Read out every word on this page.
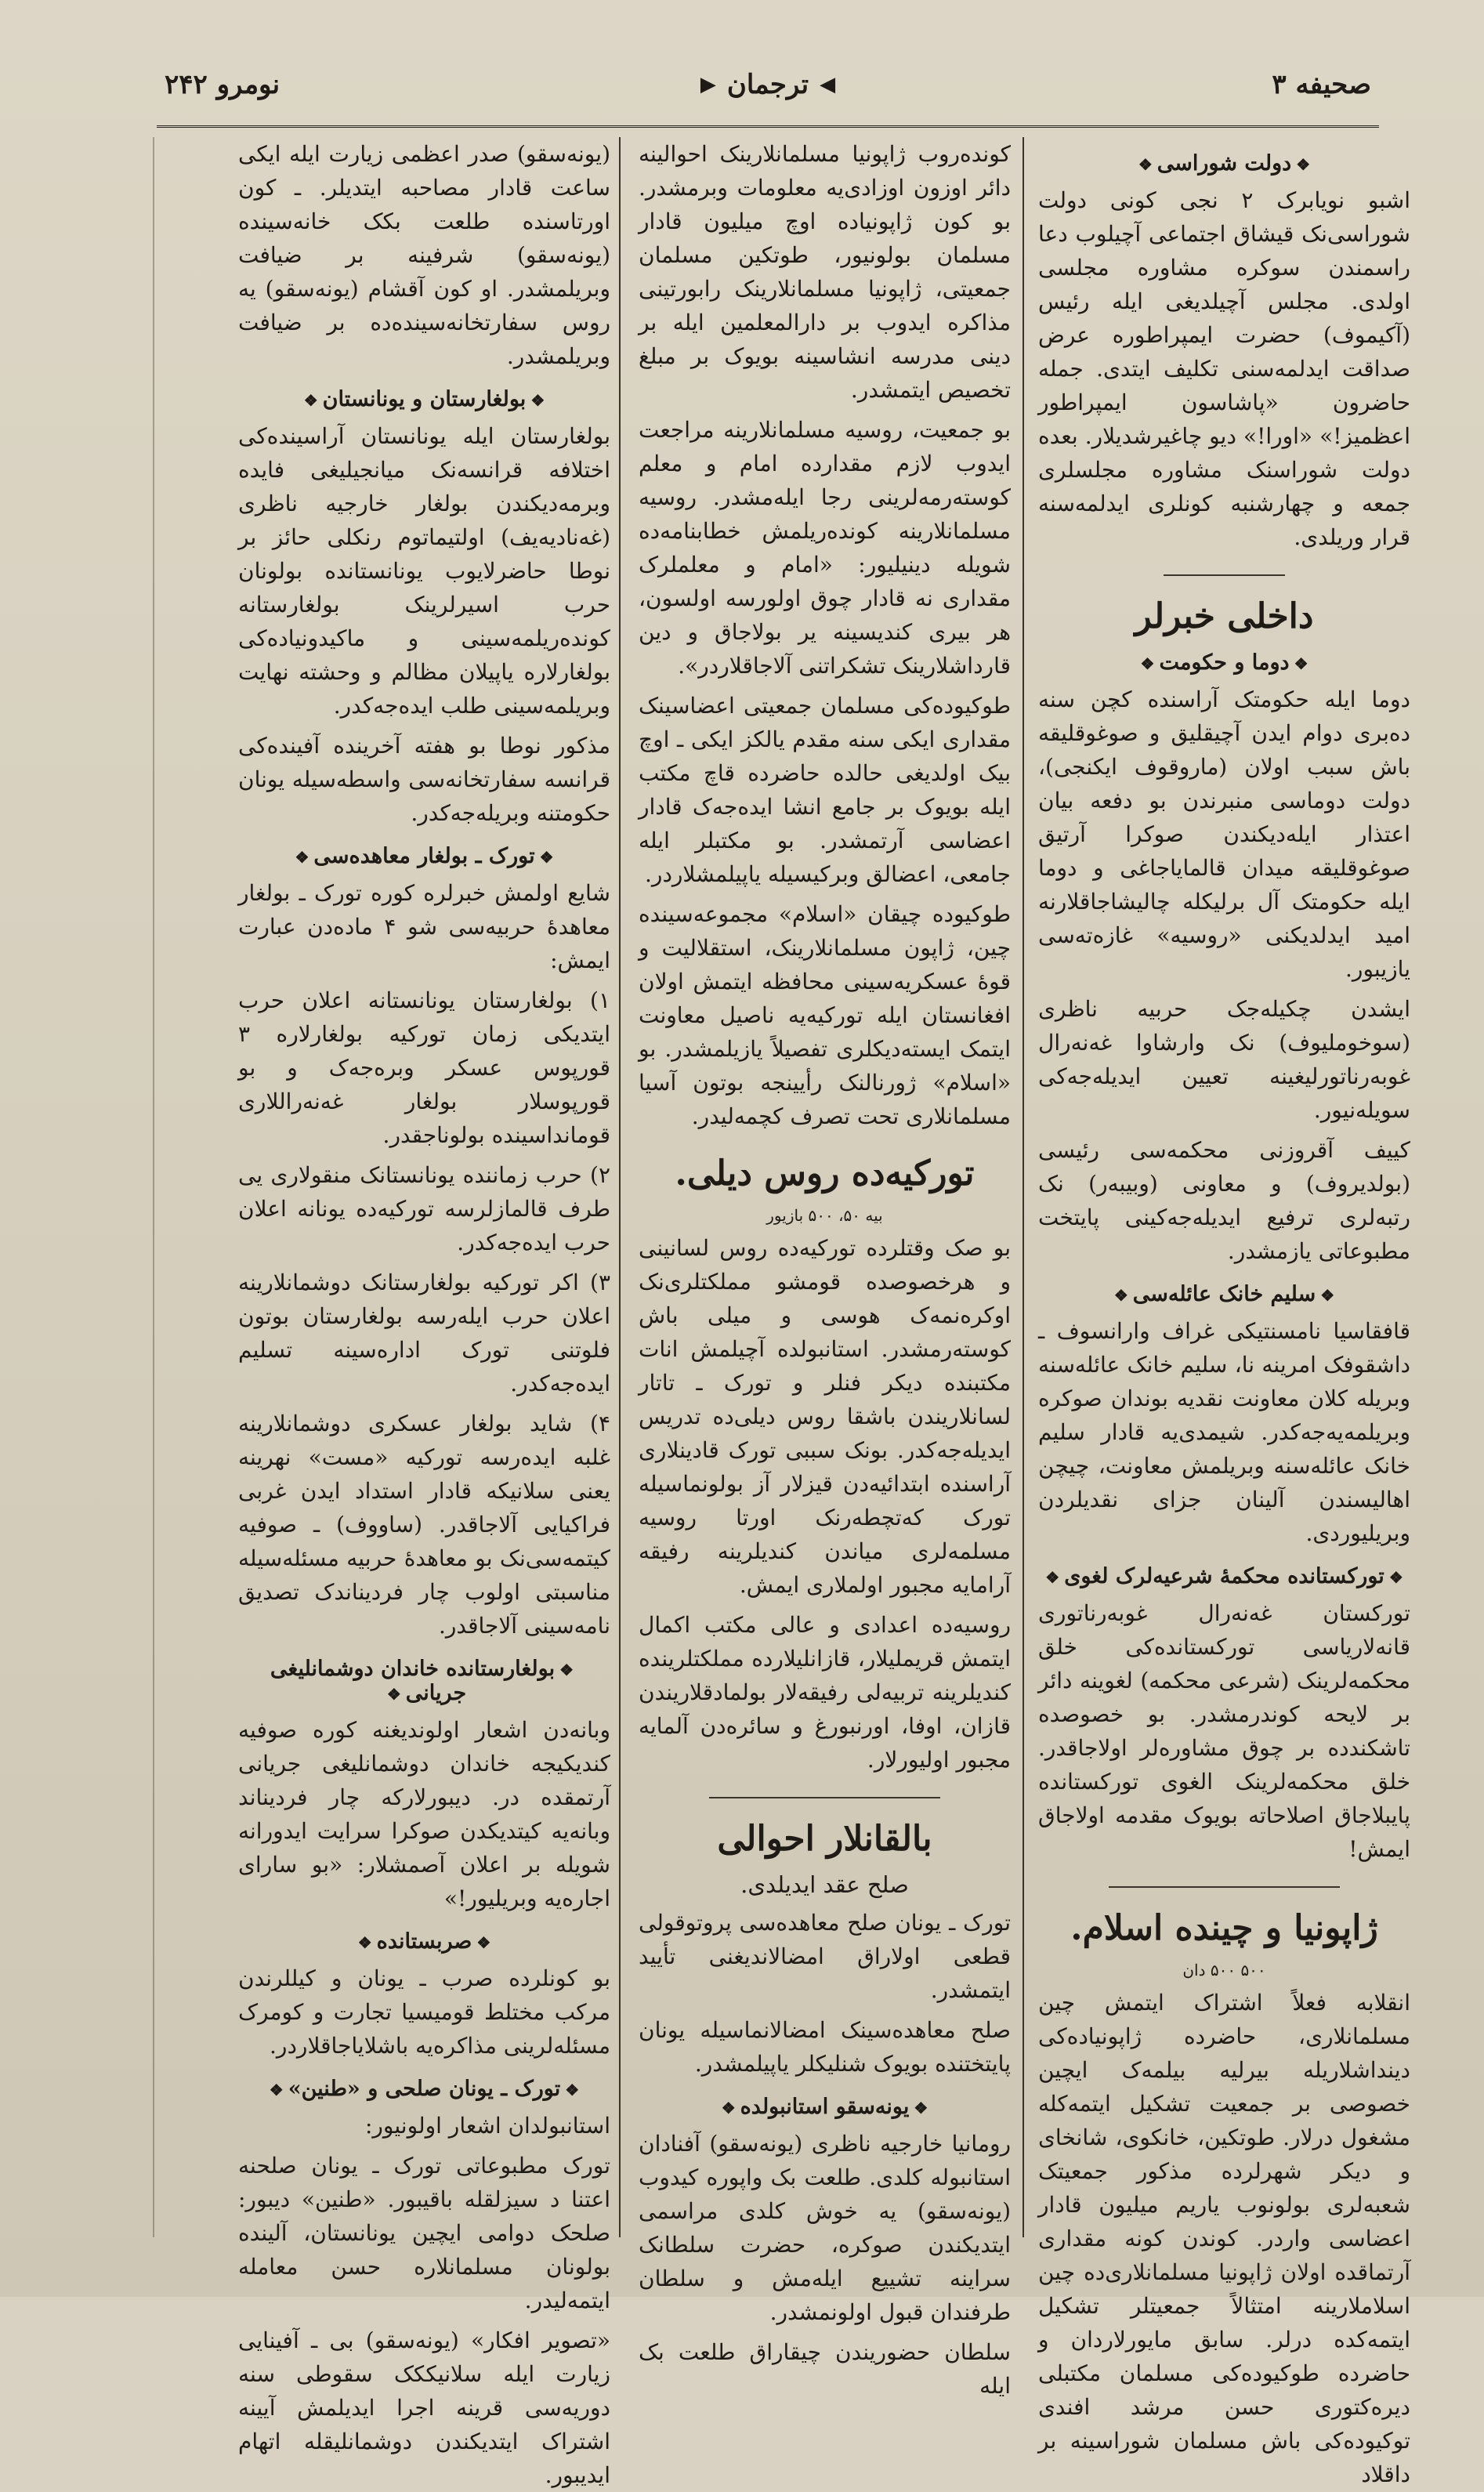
صحیفه ۳
◀
ترجمان
▶
نومرو ۲۴۲
❖دولت شوراسی❖

اشبو نویابرک ۲ نجی کونی دولت شوراسی‌نک قیشاق اجتماعی آچیلوب دعا راسمندن سوکره مشاوره مجلسی اولدی. مجلس آچیلدیغی ایله رئیس (آکیموف) حضرت ایمپراطوره عرض صداقت ایدلمه‌سنی تکلیف ایتدی. جمله حاضرون «پاشاسون ایمپراطور اعظمیز!» «اورا!» دیو چاغیرشدیلار. بعده دولت شوراسنک مشاوره مجلسلری جمعه و چهارشنبه کونلری ایدلمه‌سنه قرار وریلدی.

داخلی خبرلر
❖دوما و حکومت❖

دوما ایله حکومتک آراسنده کچن سنه دەبری دوام ایدن آچیقلیق و صوغوقلیقه باش سبب اولان (ماروقوف ایکنجی)، دولت دوماسی منبرندن بو دفعه بیان اعتذار ایله‌دیکندن صوکرا آرتیق صوغوقلیقه میدان قالمایاجاغی و دوما ایله حکومتک آل برلیکله چالیشاجاقلارنه امید ایدلدیکنی «روسیه» غازه‌تەسی یازیبور.

ایشدن چکیله‌جک حربیه ناظری (سوخوملیوف) نک وارشاوا غه‌نەرال غوبه‌رناتورلیغینه تعیین ایدیله‌جه‌کی سویله‌نیور.

کییف آقروزنی محکمه‌سی رئیسی (بولدیروف) و معاونی (وبیبه‌ر) نک رتبه‌لری ترفیع ایدیله‌جه‌کینی پایتخت مطبوعاتی یازمشدر.

❖سلیم خانک عائله‌سی❖

قافقاسیا نامسنتیکی غراف وارانسوف ـ داشقوفک امرینه نا، سلیم خانک عائله‌سنه وبریله کلان معاونت نقدیه بوندان صوکره وبریلمه‌یه‌جه‌کدر. شیمدی‌یه قادار سلیم خانک عائله‌سنه وبریلمش معاونت، چیچن اهالیسندن آلینان جزای نقدیلردن وبریلیوردی.

❖تورکستانده محکمهٔ شرعیه‌لرک لغوی❖

تورکستان غه‌نەرال غوبه‌رناتوری قانه‌لاریاسی تورکستانده‌کی خلق محکمه‌لرینک (شرعی محکمه) لغوینه دائر بر لایحه کوندرمشدر. بو خصوصده تاشکندده بر چوق مشاوره‌لر اولاجاقدر. خلق محکمه‌لرینک الغوی تورکستانده پایبلاجاق اصلاحاته بویوک مقدمه اولاجاق ایمش!

ژاپونیا و چینده اسلام.
۵۰۰ ۵۰۰ دان

انقلابه فعلاً اشتراک ایتمش چین مسلمانلاری، حاضرده ژاپونیاده‌کی دینداشلاریله بیرلیه بیلمه‌ک ایچین خصوصی بر جمعیت تشکیل ایتمه‌کله مشغول درلار. طوتکین، خانکوی، شانخای و دیکر شهرلرده مذکور جمعیتک شعبه‌لری بولونوب یاریم میلیون قادار اعضاسی واردر. کوندن کونه مقداری آرتماقده اولان ژاپونیا مسلمانلاری‌ده چین اسلاملارینه امتثالاً جمعیتلر تشکیل ایتمه‌کده درلر. سابق مایورلاردان و حاضرده طوکیوده‌کی مسلمان مکتبلی دیره‌کتوری حسن مرشد افندی توکیوده‌کی باش مسلمان شوراسینه بر داقلاد

کوندەروب ژاپونیا مسلمانلارینک احوالینه دائر اوزون اوزادی‌یه معلومات وبرمشدر. بو کون ژاپونیاده اوچ میلیون قادار مسلمان بولونیور، طوتکین مسلمان جمعیتی، ژاپونیا مسلمانلارینک رابورتینی مذاکره ایدوب بر دارالمعلمین ایله بر دینی مدرسه انشاسینه بویوک بر مبلغ تخصیص ایتمشدر.

بو جمعیت، روسیه مسلمانلارینه مراجعت ایدوب لازم مقدارده امام و معلم کوسته‌رمه‌لرینی رجا ایله‌مشدر. روسیه مسلمانلارینه کوندەریلمش خطابنامه‌ده شویله دینیلیور: «امام و معلملرک مقداری نه قادار چوق اولورسه اولسون، هر بیری کندیسینه یر بولاجاق و دین قارداشلارینک تشکراتنی آلاجاقلاردر».

طوکیوده‌کی مسلمان جمعیتی اعضاسینک مقداری ایکی سنه مقدم یالکز ایکی ـ اوچ بیک اولدیغی حالده حاضرده قاچ مکتب ایله بویوک بر جامع انشا ایده‌جه‌ک قادار اعضاسی آرتمشدر. بو مکتبلر ایله جامعی، اعضالق وبرکیسیله یاپیلمشلاردر.

طوکیوده چیقان «اسلام» مجموعه‌سینده چین، ژاپون مسلمانلارینک، استقلالیت و قوهٔ عسکریه‌سینی محافظه ایتمش اولان افغانستان ایله تورکیه‌یه ناصیل معاونت ایتمک ایسته‌دیکلری تفصیلاً یازیلمشدر. بو «اسلام» ژورنالنک رأیینجه بوتون آسیا مسلمانلاری تحت تصرف کچمه‌لیدر.

تورکیه‌ده روس دیلی.
بیه ۵۰، ۵۰۰ بازیور

بو صک وقتلرده تورکیه‌ده روس لسانینی و هرخصوصده قومشو مملکتلری‌نک اوکرەنمه‌ک هوسی و میلی باش کوسته‌رمشدر. استانبولده آچیلمش انات مکتبنده دیکر فنلر و تورک ـ تاتار لسانلاریندن باشقا روس دیلی‌ده تدریس ایدیله‌جه‌کدر. بونک سببی تورک قادینلاری آراسنده ابتدائیه‌دن قیزلار آز بولونماسیله تورک کەتچطەرنک اورتا روسیه مسلمه‌لری میاندن کندیلرینه رفیقه آرامایه مجبور اولملاری ایمش.

روسیه‌ده اعدادی و عالی مکتب اکمال ایتمش قریملیلار، قازانلیلارده مملکتلرینده کندیلرینه تربیه‌لی رفیقه‌لار بولمادقلاریندن قازان، اوفا، اورنبورغ و سائره‌دن آلمایه مجبور اولیورلار.

بالقانلار احوالی
صلح عقد ایدیلدی.

تورک ـ یونان صلح معاهده‌سی پروتوقولی قطعی اولاراق امضالاندیغنی تأیید ایتمشدر.

صلح معاهده‌سینک امضالانماسیله یونان پایتختنده بویوک شنلیکلر یاپیلمشدر.

❖یونه‌سقو استانبولده❖

رومانیا خارجیه ناظری (یونه‌سقو) آفنادان استانبوله کلدی. طلعت بک واپوره کیدوب (یونه‌سقو) یه خوش کلدی مراسمی ایتدیکندن صوکره، حضرت سلطانک سراینه تشییع ایله‌مش و سلطان طرفندان قبول اولونمشدر.

سلطان حضوریندن چیقاراق طلعت بک ایله

(یونه‌سقو) صدر اعظمی زیارت ایله ایکی ساعت قادار مصاحبه ایتدیلر. ـ کون اورتاسنده طلعت بکک خانه‌سینده (یونه‌سقو) شرفینه بر ضیافت وبریلمشدر. او کون آقشام (یونه‌سقو) یه روس سفارتخانه‌سینده‌ده بر ضیافت وبریلمشدر.

❖بولغارستان و یونانستان❖

بولغارستان ایله یونانستان آراسینده‌کی اختلافه قرانسه‌نک میانجیلیغی فایده وبرمه‌دیکندن بولغار خارجیه ناظری (غه‌نادیه‌یف) اولتیماتوم رنکلی حائز بر نوطا حاضرلایوب یونانستانده بولونان حرب اسیرلرینک بولغارستانه کوندەریلمه‌سینی و ماکیدونیاده‌کی بولغارلاره یاپیلان مظالم و وحشته نهایت وبریلمه‌سینی طلب ایده‌جه‌کدر.

مذکور نوطا بو هفته آخرینده آفینده‌کی قرانسه سفارتخانه‌سی واسطه‌سیله یونان حکومتنه وبریله‌جه‌کدر.

❖تورک ـ بولغار معاهده‌سی❖

شایع اولمش خبرلره کوره تورک ـ بولغار معاهدهٔ حربیه‌سی شو ۴ ماده‌دن عبارت ایمش:

۱) بولغارستان یونانستانه اعلان حرب ایتدیکی زمان تورکیه بولغارلاره ۳ قورپوس عسکر وبره‌جه‌ک و بو قورپوسلار بولغار غه‌نەراللاری قوماندا‌سینده بولوناجقدر.

۲) حرب زماننده یونانستانک منقولاری یی طرف قالمازلرسه تورکیه‌ده یونانه اعلان حرب ایده‌جه‌کدر.

۳) اکر تورکیه بولغارستانک دوشمانلارینه اعلان حرب ایله‌رسه بولغارستان بوتون فلوتنی تورک ادارەسینه تسلیم ایده‌جه‌کدر.

۴) شاید بولغار عسکری دوشمانلارینه غلبه ایده‌رسه تورکیه «مست» نهرینه یعنی سلانیکه قادار استداد ایدن غربی فراکیایی آلاجاقدر. (ساووف) ـ صوفیه کیتمه‌سی‌نک بو معاهدهٔ حربیه مسئله‌سیله مناسبتی اولوب چار فردیناندک تصدیق نامه‌سینی آلاجاقدر.

❖بولغارستانده خاندان دوشمانلیغی جریانی❖

وبانه‌دن اشعار اولوندیغنه کوره صوفیه کندیکیجه خاندان دوشمانلیغی جریانی آرتمقده در. دیبورلارکه چار فردیناند وبانه‌یه کیتدیکدن صوکرا سرایت ایدورانه شویله بر اعلان آصمشلار: «بو سارای اجاره‌یه وبریلیور!»

❖صربستانده❖

بو کونلرده صرب ـ یونان و کیللرندن مرکب مختلط قومیسیا تجارت و کومرک مسئله‌لرینی مذاکره‌یه باشلایاجاقلاردر.

❖تورک ـ یونان صلحی و «طنین»❖

استانبولدان اشعار اولونیور:

تورک مطبوعاتی تورک ـ یونان صلحنه اعتنا د سیزلقله باقیبور. «طنین» دیبور: صلحک دوامی ایچین یونانستان، آلینده بولونان مسلمانلاره حسن معامله ایتمه‌لیدر.

«تصویر افکار» (یونه‌سقو) بی ـ آفینایی زیارت ایله سلانیککک سقوطی سنه دوریه‌سی قرینه اجرا ایدیلمش آیینه اشتراک ایتدیکندن دوشمانلیقله اتهام ایدیبور.
